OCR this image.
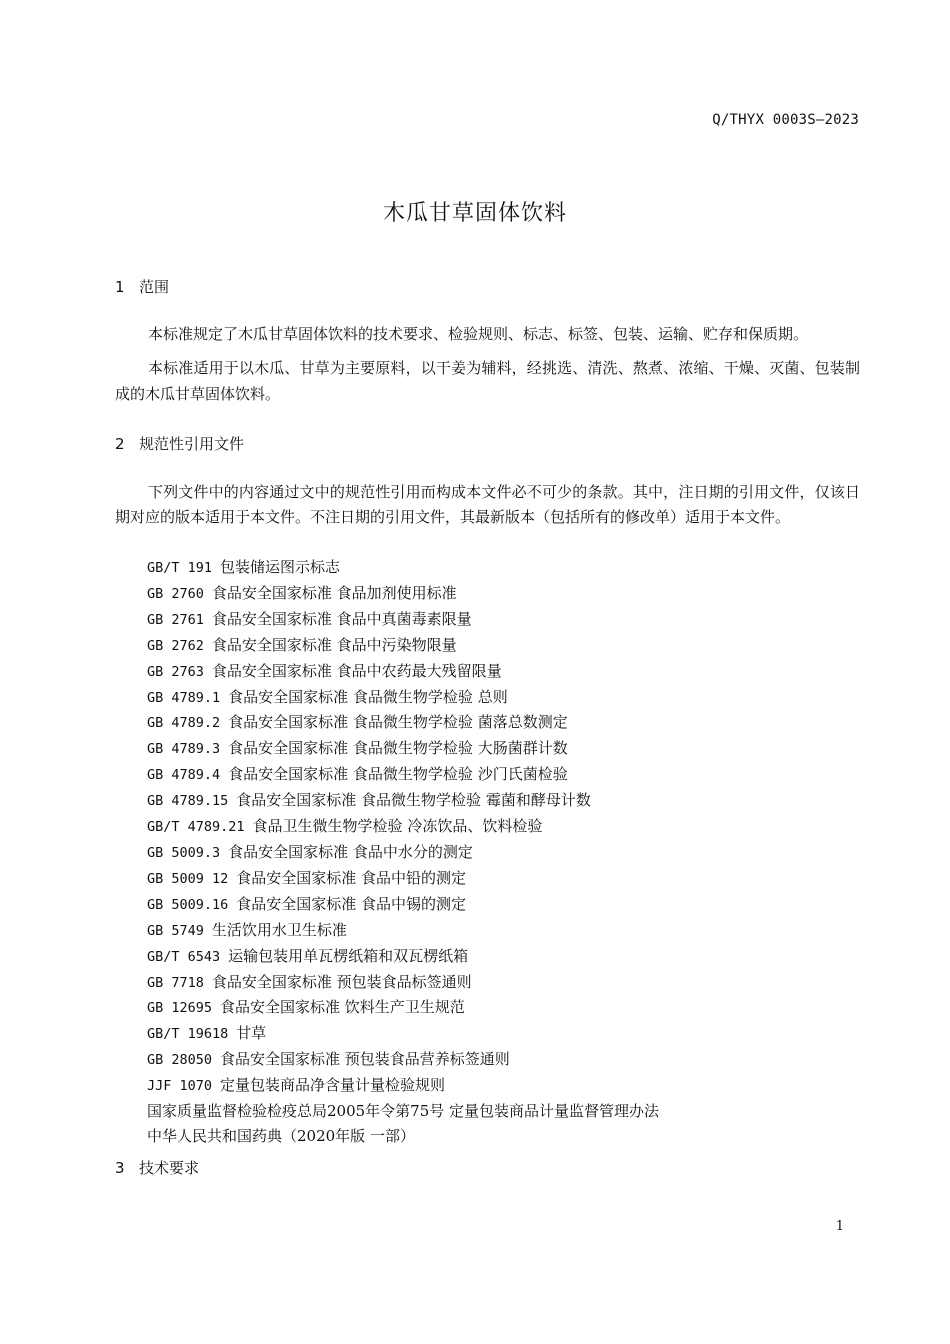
Q/THYX 0003S—2023
木瓜甘草固体饮料
1 范围

本标准规定了木瓜甘草固体饮料的技术要求、检验规则、标志、标签、包装、运输、贮存和保质期。

本标准适用于以木瓜、甘草为主要原料，以干姜为辅料，经挑选、清洗、熬煮、浓缩、干燥、灭菌、包装制成的木瓜甘草固体饮料。

2 规范性引用文件

下列文件中的内容通过文中的规范性引用而构成本文件必不可少的条款。其中，注日期的引用文件，仅该日期对应的版本适用于本文件。不注日期的引用文件，其最新版本（包括所有的修改单）适用于本文件。

GB/T 191 包装储运图示标志
GB 2760 食品安全国家标准 食品加剂使用标准
GB 2761 食品安全国家标准 食品中真菌毒素限量
GB 2762 食品安全国家标准 食品中污染物限量
GB 2763 食品安全国家标准 食品中农药最大残留限量
GB 4789.1 食品安全国家标准 食品微生物学检验 总则
GB 4789.2 食品安全国家标准 食品微生物学检验 菌落总数测定
GB 4789.3 食品安全国家标准 食品微生物学检验 大肠菌群计数
GB 4789.4 食品安全国家标准 食品微生物学检验 沙门氏菌检验
GB 4789.15 食品安全国家标准 食品微生物学检验 霉菌和酵母计数
GB/T 4789.21 食品卫生微生物学检验 冷冻饮品、饮料检验
GB 5009.3 食品安全国家标准 食品中水分的测定
GB 5009 12 食品安全国家标准 食品中铅的测定
GB 5009.16 食品安全国家标准 食品中锡的测定
GB 5749 生活饮用水卫生标准
GB/T 6543 运输包装用单瓦楞纸箱和双瓦楞纸箱
GB 7718 食品安全国家标准 预包装食品标签通则
GB 12695 食品安全国家标准 饮料生产卫生规范
GB/T 19618 甘草
GB 28050 食品安全国家标准 预包装食品营养标签通则
JJF 1070 定量包装商品净含量计量检验规则
国家质量监督检验检疫总局2005年令第75号 定量包装商品计量监督管理办法
中华人民共和国药典（2020年版 一部）
3 技术要求
1
